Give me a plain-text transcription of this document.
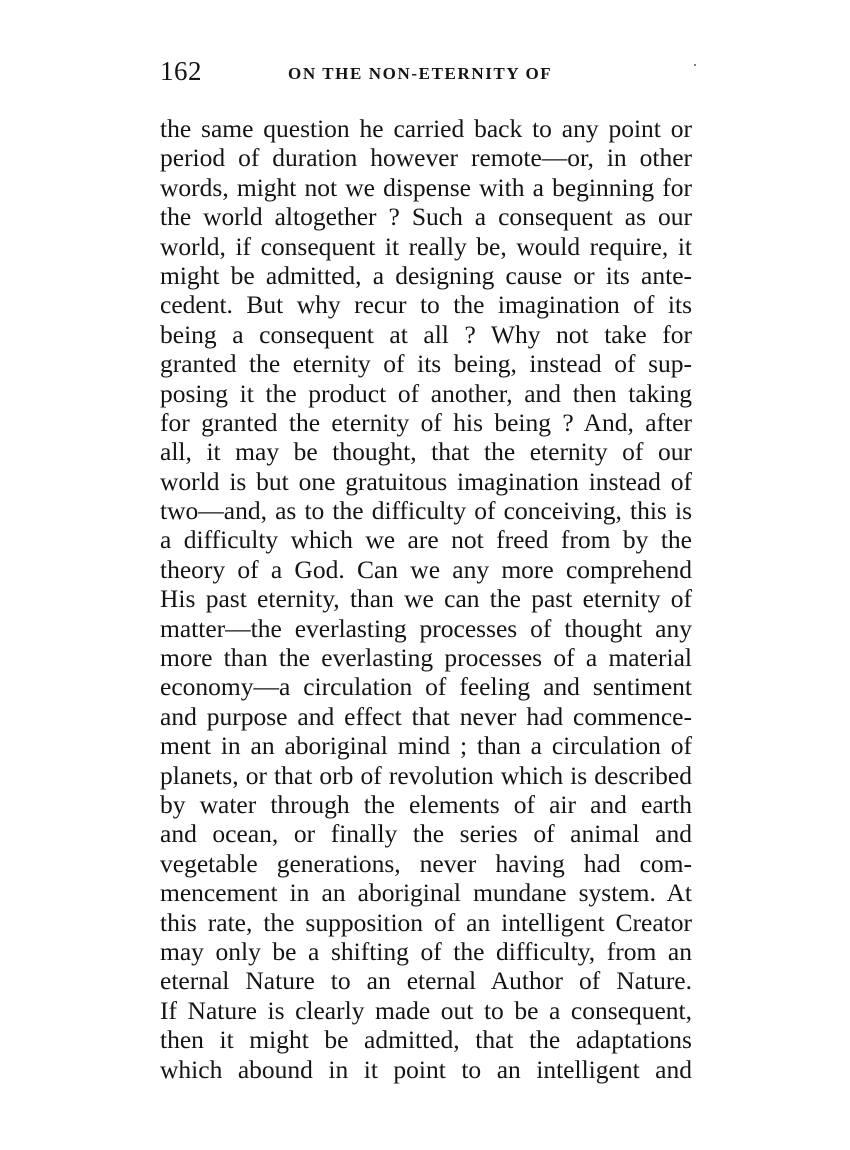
162	ON THE NON-ETERNITY OF
the same question he carried back to any point or
period of duration however remote—or, in other
words, might not we dispense with a beginning for
the world altogether ? Such a consequent as our
world, if consequent it really be, would require, it
might be admitted, a designing cause or its ante-
cedent. But why recur to the imagination of its
being a consequent at all ? Why not take for
granted the eternity of its being, instead of sup-
posing it the product of another, and then taking
for granted the eternity of his being ? And, after
all, it may be thought, that the eternity of our
world is but one gratuitous imagination instead of
two—and, as to the difficulty of conceiving, this is
a difficulty which we are not freed from by the
theory of a God. Can we any more comprehend
His past eternity, than we can the past eternity of
matter—the everlasting processes of thought any
more than the everlasting processes of a material
economy—a circulation of feeling and sentiment
and purpose and effect that never had commence-
ment in an aboriginal mind ; than a circulation of
planets, or that orb of revolution which is described
by water through the elements of air and earth
and ocean, or finally the series of animal and
vegetable generations, never having had com-
mencement in an aboriginal mundane system. At
this rate, the supposition of an intelligent Creator
may only be a shifting of the difficulty, from an
eternal Nature to an eternal Author of Nature.
If Nature is clearly made out to be a consequent,
then it might be admitted, that the adaptations
which abound in it point to an intelligent and
